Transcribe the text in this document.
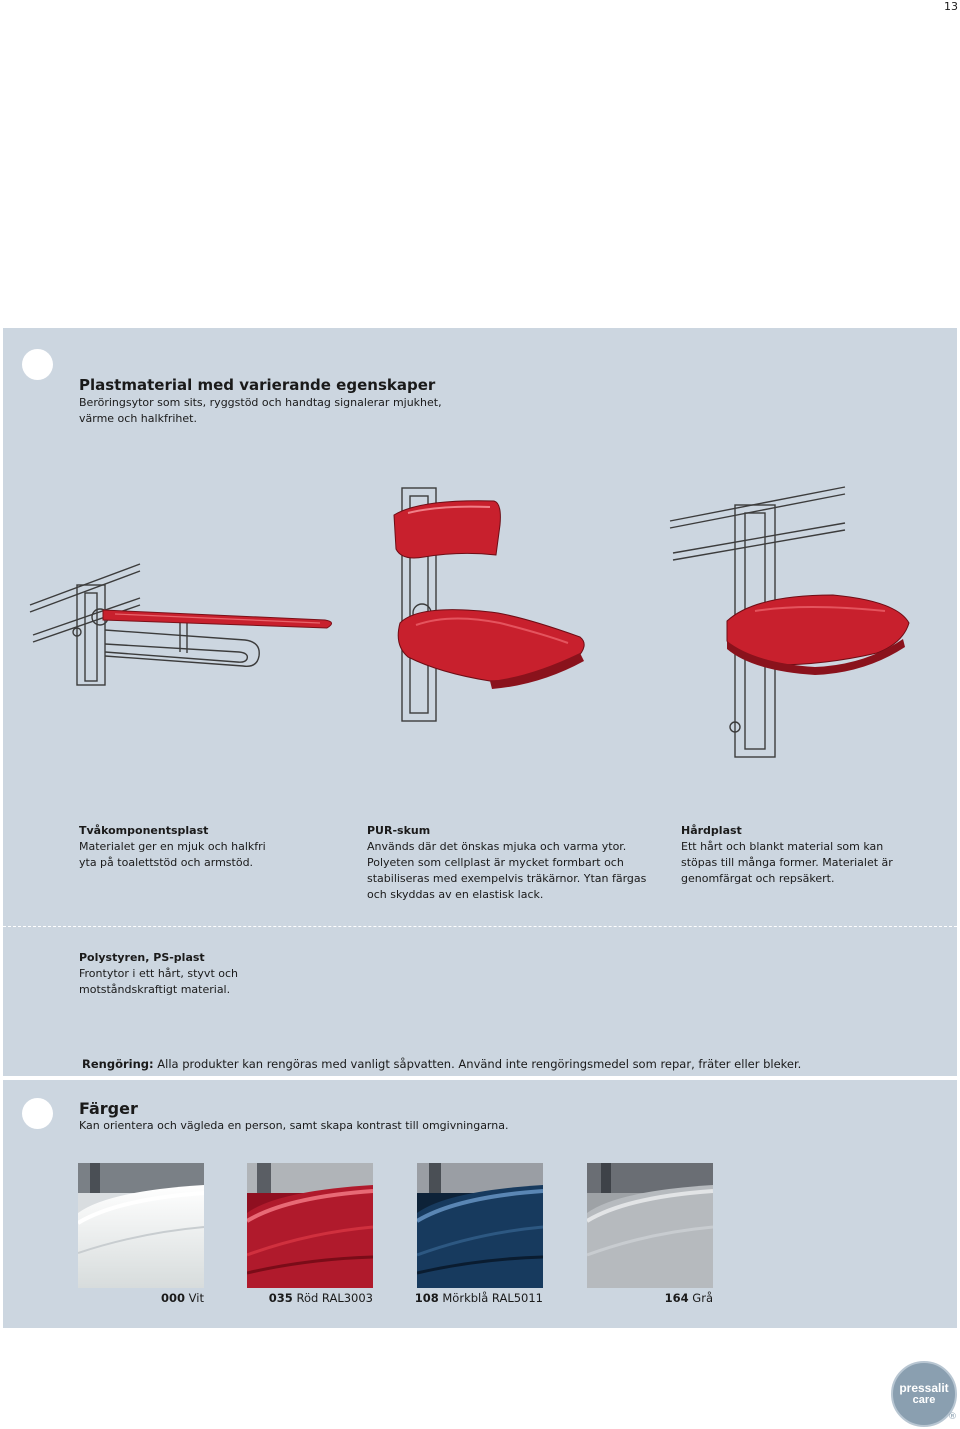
13
Plastmaterial med varierande egenskaper
Beröringsytor som sits, ryggstöd och handtag signalerar mjukhet,
värme och halkfrihet.
Tvåkomponentsplast
Materialet ger en mjuk och halkfri
yta på toalettstöd och armstöd.
PUR-skum
Används där det önskas mjuka och varma ytor.
Polyeten som cellplast är mycket formbart och
stabiliseras med exempelvis träkärnor. Ytan färgas
och skyddas av en elastisk lack.
Hårdplast
Ett hårt och blankt material som kan
stöpas till många former. Materialet är
genomfärgat och repsäkert.
Polystyren, PS-plast
Frontytor i ett hårt, styvt och
motståndskraftigt material.
Rengöring: Alla produkter kan rengöras med vanligt såpvatten. Använd inte rengöringsmedel som repar, fräter eller bleker.
Färger
Kan orientera och vägleda en person, samt skapa kontrast till omgivningarna.
000 Vit	035 Röd RAL3003	108 Mörkblå RAL5011	164 Grå
pressalit
care
®
